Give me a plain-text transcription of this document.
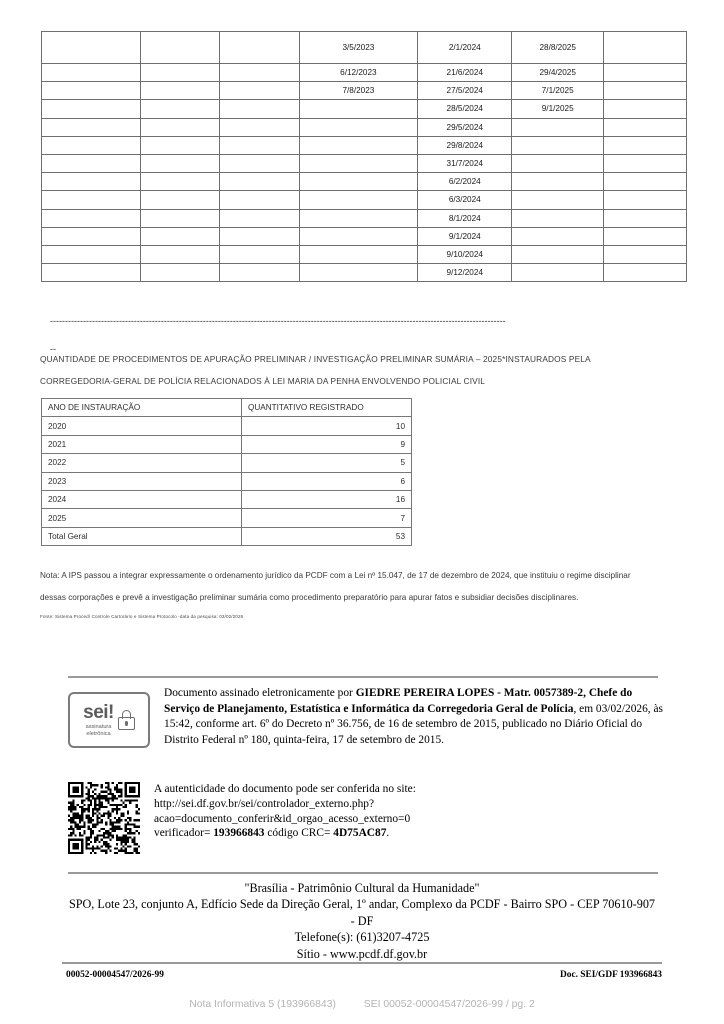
			3/5/2023	2/1/2024	28/8/2025	
			6/12/2023	21/6/2024	29/4/2025	
			7/8/2023	27/5/2024	7/1/2025	
				28/5/2024	9/1/2025	
				29/5/2024		
				29/8/2024		
				31/7/2024		
				6/2/2024		
				6/3/2024		
				8/1/2024		
				9/1/2024		
				9/10/2024		
				9/12/2024		

--------------------------------------------------------------------------------------------------------------------------------------------------------

--

QUANTIDADE DE PROCEDIMENTOS DE APURAÇÃO PRELIMINAR / INVESTIGAÇÃO PRELIMINAR SUMÁRIA – 2025*INSTAURADOS PELA
CORREGEDORIA-GERAL DE POLÍCIA RELACIONADOS À LEI MARIA DA PENHA ENVOLVENDO POLICIAL CIVIL
ANO DE INSTAURAÇÃO	QUANTITATIVO REGISTRADO
2020	10
2021	9
2022	5
2023	6
2024	16
2025	7
Total Geral	53
Nota: A IPS passou a integrar expressamente o ordenamento jurídico da PCDF com a Lei nº 15.047, de 17 de dezembro de 2024, que instituiu o regime disciplinar
dessas corporações e prevê a investigação preliminar sumária como procedimento preparatório para apurar fatos e subsidiar decisões disciplinares.
Fonte: Sistema Proced/ Controle Cartorário e Sistema Protocolo -data da pesquisa: 03/02/2026
sei!
assinatura
eletrônica
Documento assinado eletronicamente por GIEDRE PEREIRA LOPES - Matr. 0057389-2, Chefe do Serviço de Planejamento, Estatística e Informática da Corregedoria Geral de Polícia, em 03/02/2026, às 15:42, conforme art. 6º do Decreto nº 36.756, de 16 de setembro de 2015, publicado no Diário Oficial do Distrito Federal nº 180, quinta-feira, 17 de setembro de 2015.
A autenticidade do documento pode ser conferida no site:
http://sei.df.gov.br/sei/controlador_externo.php?
acao=documento_conferir&id_orgao_acesso_externo=0
verificador= 193966843 código CRC= 4D75AC87.
"Brasília - Patrimônio Cultural da Humanidade"
SPO, Lote 23, conjunto A, Edfício Sede da Direção Geral, 1º andar, Complexo da PCDF - Bairro SPO - CEP 70610-907
- DF
Telefone(s): (61)3207-4725
Sítio - www.pcdf.df.gov.br
00052-00004547/2026-99	Doc. SEI/GDF 193966843
Nota Informativa 5 (193966843)	SEI 00052-00004547/2026-99 / pg. 2
